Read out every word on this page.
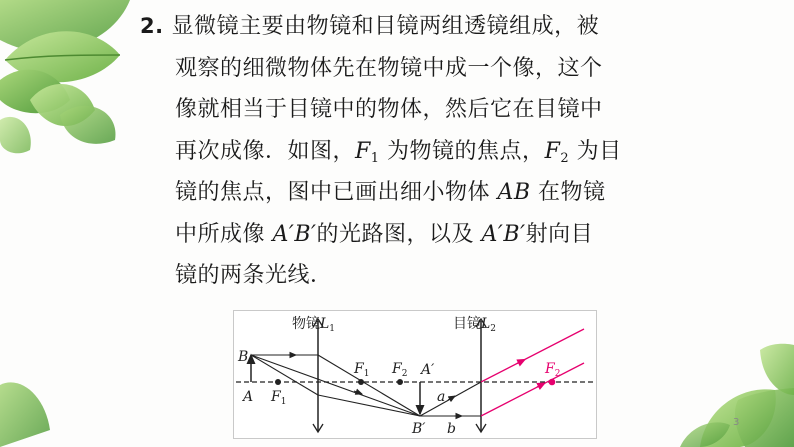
2. 显微镜主要由物镜和目镜两组透镜组成，被
观察的细微物体先在物镜中成一个像，这个
像就相当于目镜中的物体，然后它在目镜中
再次成像．如图，$F_1$ 为物镜的焦点，$F_2$ 为目
镜的焦点，图中已画出细小物体 AB 在物镜
中所成像 A′B′的光路图，以及 A′B′射向目
镜的两条光线．
物镜$L_1$	目镜$L_2$
B
A $F_1$
$F_1$ $F_2$ A′
B′
a
b
$F_2$
3
